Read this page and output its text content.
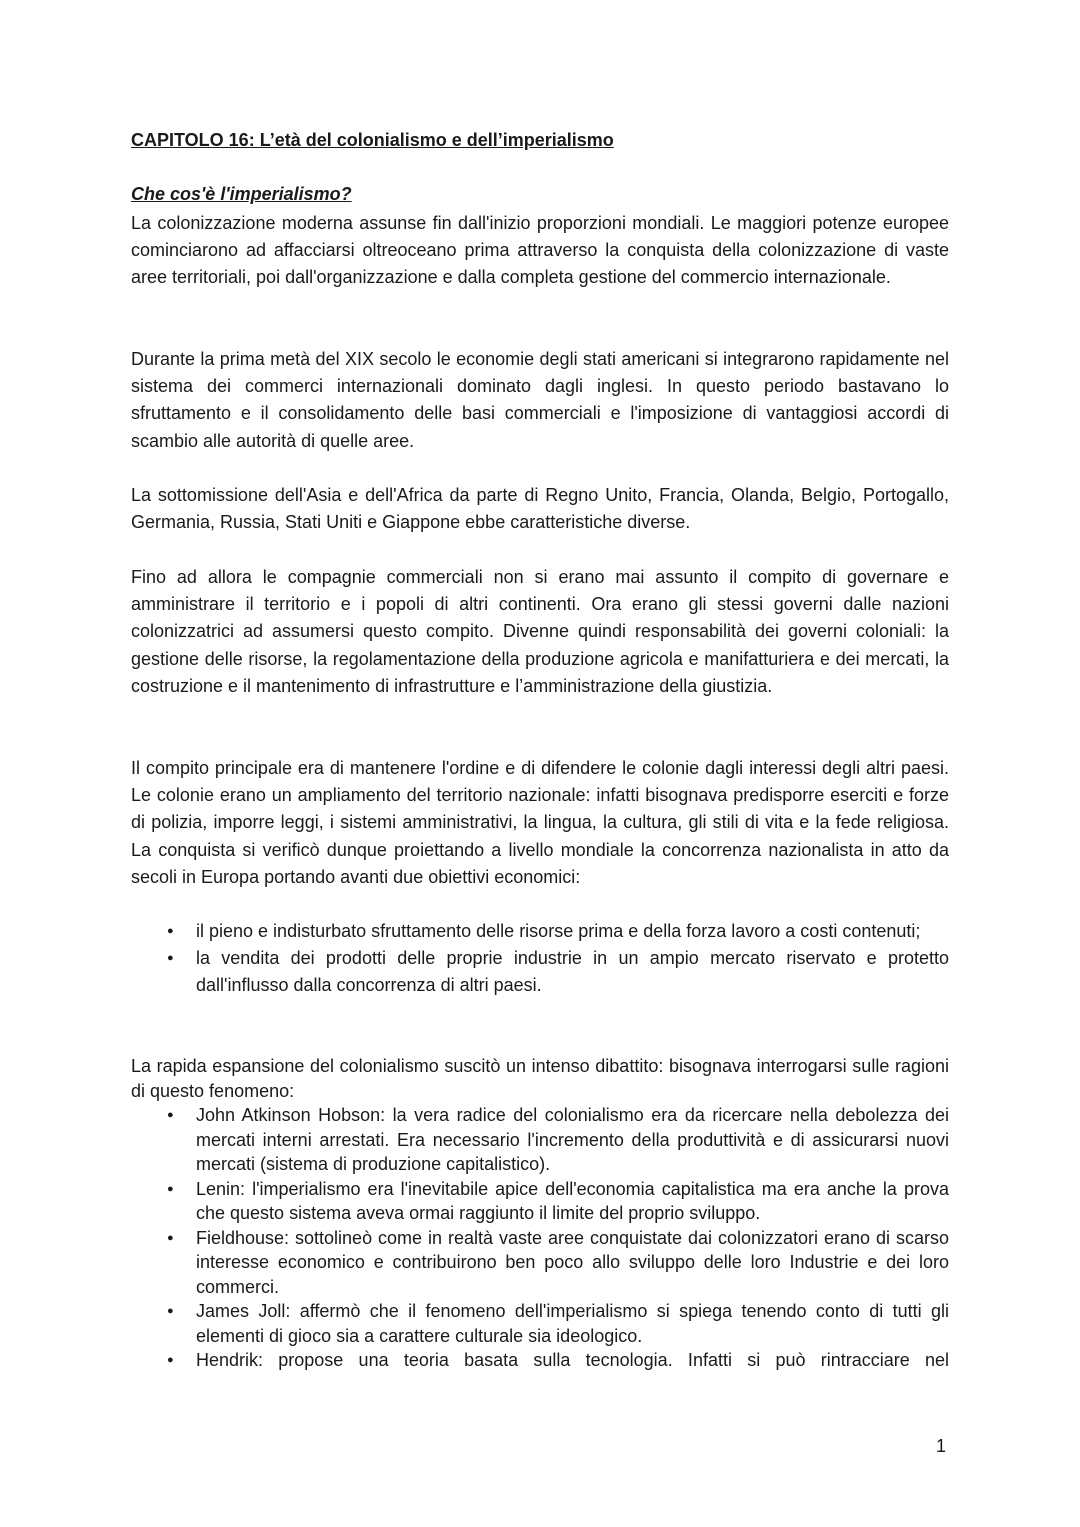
CAPITOLO 16: L’età del colonialismo e dell’imperialismo
Che cos'è l'imperialismo?

La colonizzazione moderna assunse fin dall'inizio proporzioni mondiali. Le maggiori potenze europee cominciarono ad affacciarsi oltreoceano prima attraverso la conquista della colonizzazione di vaste aree territoriali, poi dall'organizzazione e dalla completa gestione del commercio internazionale.

Durante la prima metà del XIX secolo le economie degli stati americani si integrarono rapidamente nel sistema dei commerci internazionali dominato dagli inglesi. In questo periodo bastavano lo sfruttamento e il consolidamento delle basi commerciali e l'imposizione di vantaggiosi accordi di scambio alle autorità di quelle aree.

La sottomissione dell'Asia e dell'Africa da parte di Regno Unito, Francia, Olanda, Belgio, Portogallo, Germania, Russia, Stati Uniti e Giappone ebbe caratteristiche diverse.

Fino ad allora le compagnie commerciali non si erano mai assunto il compito di governare e amministrare il territorio e i popoli di altri continenti. Ora erano gli stessi governi dalle nazioni colonizzatrici ad assumersi questo compito. Divenne quindi responsabilità dei governi coloniali: la gestione delle risorse, la regolamentazione della produzione agricola e manifatturiera e dei mercati, la costruzione e il mantenimento di infrastrutture e l’amministrazione della giustizia.

Il compito principale era di mantenere l'ordine e di difendere le colonie dagli interessi degli altri paesi. Le colonie erano un ampliamento del territorio nazionale: infatti bisognava predisporre eserciti e forze di polizia, imporre leggi, i sistemi amministrativi, la lingua, la cultura, gli stili di vita e la fede religiosa. La conquista si verificò dunque proiettando a livello mondiale la concorrenza nazionalista in atto da secoli in Europa portando avanti due obiettivi economici:

● il pieno e indisturbato sfruttamento delle risorse prima e della forza lavoro a costi contenuti;
● la vendita dei prodotti delle proprie industrie in un ampio mercato riservato e protetto dall'influsso dalla concorrenza di altri paesi.

La rapida espansione del colonialismo suscitò un intenso dibattito: bisognava interrogarsi sulle ragioni di questo fenomeno:

● John Atkinson Hobson: la vera radice del colonialismo era da ricercare nella debolezza dei mercati interni arrestati. Era necessario l'incremento della produttività e di assicurarsi nuovi mercati (sistema di produzione capitalistico).
● Lenin: l'imperialismo era l'inevitabile apice dell'economia capitalistica ma era anche la prova che questo sistema aveva ormai raggiunto il limite del proprio sviluppo.
● Fieldhouse: sottolineò come in realtà vaste aree conquistate dai colonizzatori erano di scarso interesse economico e contribuirono ben poco allo sviluppo delle loro Industrie e dei loro commerci.
● James Joll: affermò che il fenomeno dell'imperialismo si spiega tenendo conto di tutti gli elementi di gioco sia a carattere culturale sia ideologico.
● Hendrik: propose una teoria basata sulla tecnologia. Infatti si può rintracciare nel

1
